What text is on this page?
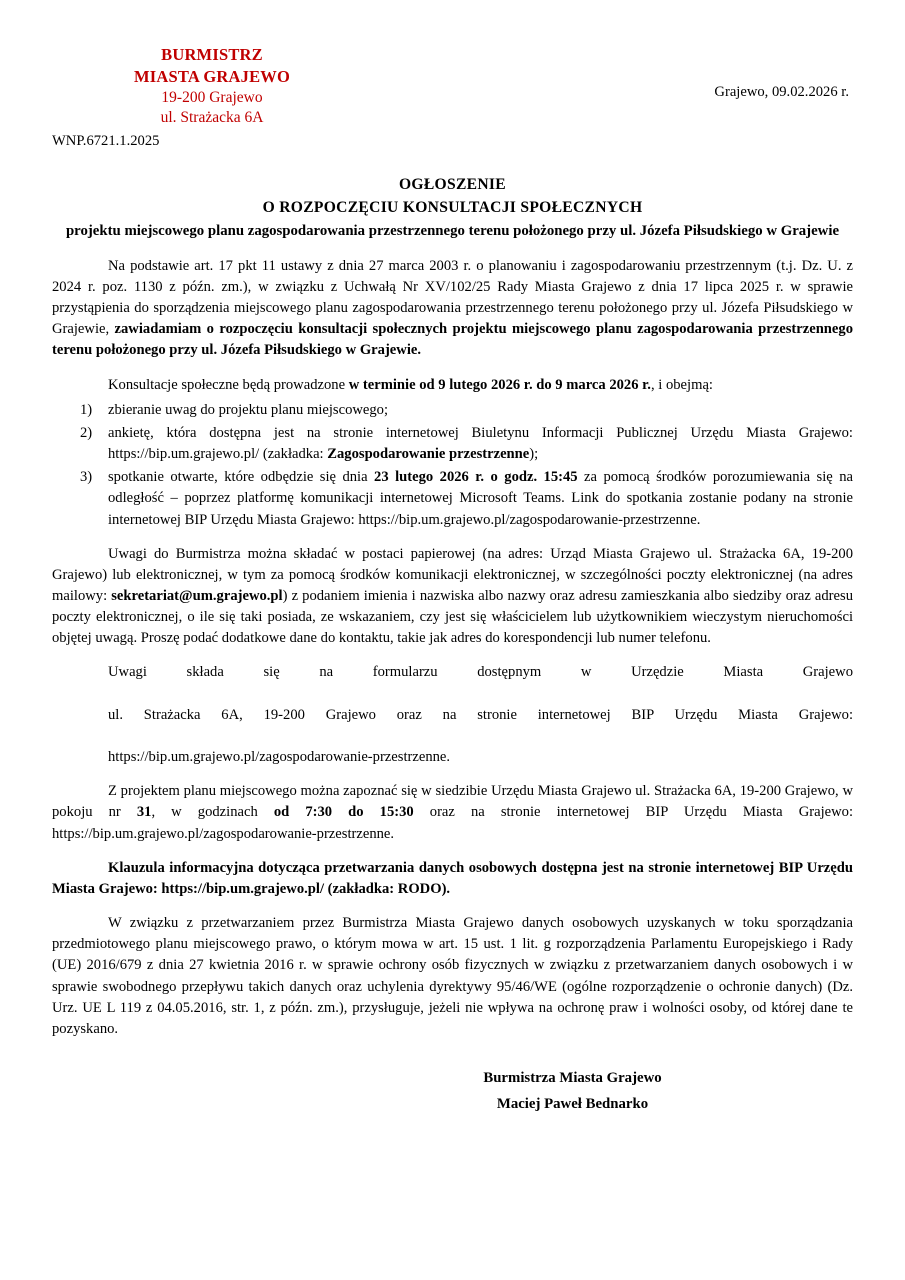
BURMISTRZ
MIASTA GRAJEWO
19-200 Grajewo
ul. Strażacka 6A
Grajewo, 09.02.2026 r.
WNP.6721.1.2025
OGŁOSZENIE
O ROZPOCZĘCIU KONSULTACJI SPOŁECZNYCH
projektu miejscowego planu zagospodarowania przestrzennego terenu położonego przy ul. Józefa Piłsudskiego w Grajewie

Na podstawie art. 17 pkt 11 ustawy z dnia 27 marca 2003 r. o planowaniu i zagospodarowaniu przestrzennym (t.j. Dz. U. z 2024 r. poz. 1130 z późn. zm.), w związku z Uchwałą Nr XV/102/25 Rady Miasta Grajewo z dnia 17 lipca 2025 r. w sprawie przystąpienia do sporządzenia miejscowego planu zagospodarowania przestrzennego terenu położonego przy ul. Józefa Piłsudskiego w Grajewie, zawiadamiam o rozpoczęciu konsultacji społecznych projektu miejscowego planu zagospodarowania przestrzennego terenu położonego przy ul. Józefa Piłsudskiego w Grajewie.

Konsultacje społeczne będą prowadzone w terminie od 9 lutego 2026 r. do 9 marca 2026 r., i obejmą:

1)	zbieranie uwag do projektu planu miejscowego;
2)	ankietę, która dostępna jest na stronie internetowej Biuletynu Informacji Publicznej Urzędu Miasta Grajewo: https://bip.um.grajewo.pl/ (zakładka: Zagospodarowanie przestrzenne);
3)	spotkanie otwarte, które odbędzie się dnia 23 lutego 2026 r. o godz. 15:45 za pomocą środków porozumiewania się na odległość – poprzez platformę komunikacji internetowej Microsoft Teams. Link do spotkania zostanie podany na stronie internetowej BIP Urzędu Miasta Grajewo: https://bip.um.grajewo.pl/zagospodarowanie-przestrzenne.

Uwagi do Burmistrza można składać w postaci papierowej (na adres: Urząd Miasta Grajewo ul. Strażacka 6A, 19-200 Grajewo) lub elektronicznej, w tym za pomocą środków komunikacji elektronicznej, w szczególności poczty elektronicznej (na adres mailowy: sekretariat@um.grajewo.pl) z podaniem imienia i nazwiska albo nazwy oraz adresu zamieszkania albo siedziby oraz adresu poczty elektronicznej, o ile się taki posiada, ze wskazaniem, czy jest się właścicielem lub użytkownikiem wieczystym nieruchomości objętej uwagą. Proszę podać dodatkowe dane do kontaktu, takie jak adres do korespondencji lub numer telefonu.

Uwagi składa się na formularzu dostępnym w Urzędzie Miasta Grajewo
ul. Strażacka 6A, 19-200 Grajewo oraz na stronie internetowej BIP Urzędu Miasta Grajewo:
https://bip.um.grajewo.pl/zagospodarowanie-przestrzenne.

Z projektem planu miejscowego można zapoznać się w siedzibie Urzędu Miasta Grajewo ul. Strażacka 6A, 19-200 Grajewo, w pokoju nr 31, w godzinach od 7:30 do 15:30 oraz na stronie internetowej BIP Urzędu Miasta Grajewo: https://bip.um.grajewo.pl/zagospodarowanie-przestrzenne.

Klauzula informacyjna dotycząca przetwarzania danych osobowych dostępna jest na stronie internetowej BIP Urzędu Miasta Grajewo: https://bip.um.grajewo.pl/ (zakładka: RODO).

W związku z przetwarzaniem przez Burmistrza Miasta Grajewo danych osobowych uzyskanych w toku sporządzania przedmiotowego planu miejscowego prawo, o którym mowa w art. 15 ust. 1 lit. g rozporządzenia Parlamentu Europejskiego i Rady (UE) 2016/679 z dnia 27 kwietnia 2016 r. w sprawie ochrony osób fizycznych w związku z przetwarzaniem danych osobowych i w sprawie swobodnego przepływu takich danych oraz uchylenia dyrektywy 95/46/WE (ogólne rozporządzenie o ochronie danych) (Dz. Urz. UE L 119 z 04.05.2016, str. 1, z późn. zm.), przysługuje, jeżeli nie wpływa na ochronę praw i wolności osoby, od której dane te pozyskano.

Burmistrza Miasta Grajewo
Maciej Paweł Bednarko
